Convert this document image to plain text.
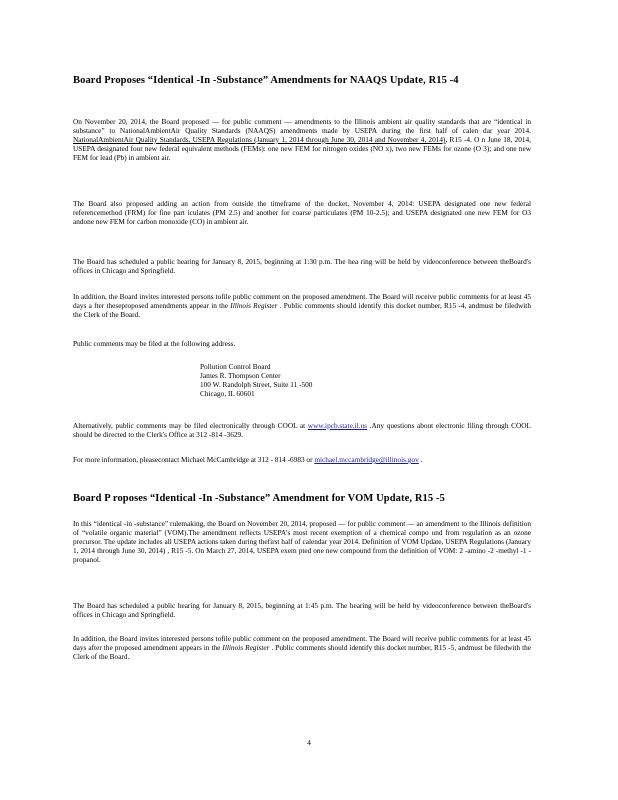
Board Proposes “Identical -In -Substance” Amendments for NAAQS Update, R15 -4

On November 20, 2014, the Board proposed — for public comment — amendments to the Illinois ambient air quality standards that are “identical in substance” to NationalAmbientAir Quality Standards (NAAQS) amendments made by USEPA during the first half of calen dar year 2014. NationalAmbientAir Quality Standards, USEPA Regulations (January 1, 2014 through June 30, 2014 and November 4, 2014), R15 -4. O n June 18, 2014, USEPA designated four new federal equivalent methods (FEMs): one new FEM for nitrogen oxides (NO x), two new FEMs for ozone (O 3); and one new FEM for lead (Pb) in ambient air.

The Board also proposed adding an action from outside the timeframe of the docket, November 4, 2014: USEPA designated one new federal referencemethod (FRM) for fine part iculates (PM 2.5) and another for coarse particulates (PM 10-2.5); and USEPA designated one new FEM for O3 andone new FEM for carbon monoxide (CO) in ambient air.

The Board has scheduled a public hearing for January 8, 2015, beginning at 1:30 p.m. The hea ring will be held by videoconference between theBoard's offices in Chicago and Springfield.

In addition, the Board invites interested persons tofile public comment on the proposed amendment. The Board will receive public comments for at least 45 days a fter theseproposed amendments appear in the Illinois Register . Public comments should identify this docket number, R15 -4, andmust be filedwith the Clerk of the Board.

Public comments may be filed at the following address.

Pollution Control Board
James R. Thompson Center
100 W. Randolph Street, Suite 11 -500
Chicago, IL 60601

Alternatively, public comments may be filed electronically through COOL at www.ipcb.state.il.us .Any questions about electronic filing through COOL should be directed to the Clerk's Office at 312 -814 -3629.

For more information, pleasecontact Michael McCambridge at 312 - 814 -6983 or michael.mccambridge@illinois.gov .

Board P roposes “Identical -In -Substance” Amendment for VOM Update, R15 -5

In this “identical -in -substance” rulemaking, the Board on November 20, 2014, proposed — for public comment — an amendment to the Illinois definition of “volatile organic material” (VOM).The amendment reflects USEPA's most recent exemption of a chemical compo und from regulation as an ozone precursor. The update includes all USEPA actions taken during thefirst half of calendar year 2014. Definition of VOM Update, USEPA Regulations (January 1, 2014 through June 30, 2014) , R15 -5. On March 27, 2014, USEPA exem pted one new compound from the definition of VOM: 2 -amino -2 -methyl -1 -propanol.

The Board has scheduled a public hearing for January 8, 2015, beginning at 1:45 p.m. The hearing will be held by videoconference between theBoard's offices in Chicago and Springfield.

In addition, the Board invites interested persons tofile public comment on the proposed amendment. The Board will receive public comments for at least 45 days after the proposed amendment appears in the Illinois Register . Public comments should identify this docket number, R15 -5, andmust be filedwith the Clerk of the Board.

4
